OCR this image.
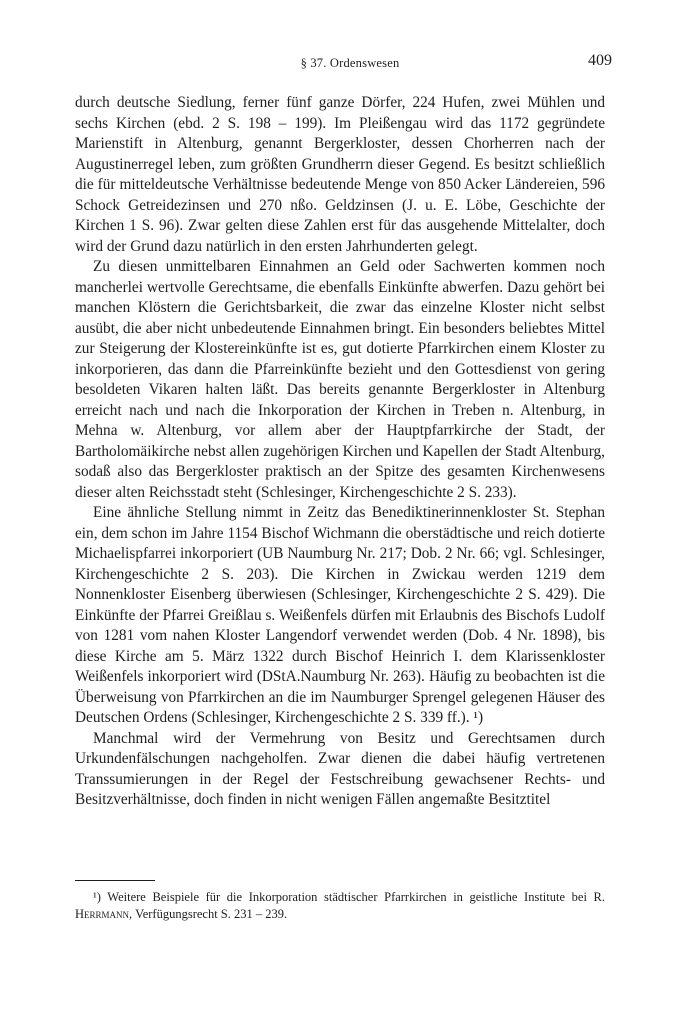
§ 37. Ordenswesen	409

durch deutsche Siedlung, ferner fünf ganze Dörfer, 224 Hufen, zwei Mühlen und sechs Kirchen (ebd. 2 S. 198 – 199). Im Pleißengau wird das 1172 gegründete Marienstift in Altenburg, genannt Bergerkloster, dessen Chorherren nach der Augustinerregel leben, zum größten Grundherrn dieser Gegend. Es besitzt schließlich die für mitteldeutsche Verhältnisse bedeutende Menge von 850 Acker Ländereien, 596 Schock Getreidezinsen und 270 nßo. Geldzinsen (J. u. E. Löbe, Geschichte der Kirchen 1 S. 96). Zwar gelten diese Zahlen erst für das ausgehende Mittelalter, doch wird der Grund dazu natürlich in den ersten Jahrhunderten gelegt.

Zu diesen unmittelbaren Einnahmen an Geld oder Sachwerten kommen noch mancherlei wertvolle Gerechtsame, die ebenfalls Einkünfte abwerfen. Dazu gehört bei manchen Klöstern die Gerichtsbarkeit, die zwar das einzelne Kloster nicht selbst ausübt, die aber nicht unbedeutende Einnahmen bringt. Ein besonders beliebtes Mittel zur Steigerung der Klostereinkünfte ist es, gut dotierte Pfarrkirchen einem Kloster zu inkorporieren, das dann die Pfarreinkünfte bezieht und den Gottesdienst von gering besoldeten Vikaren halten läßt. Das bereits genannte Bergerkloster in Altenburg erreicht nach und nach die Inkorporation der Kirchen in Treben n. Altenburg, in Mehna w. Altenburg, vor allem aber der Hauptpfarrkirche der Stadt, der Bartholomäikirche nebst allen zugehörigen Kirchen und Kapellen der Stadt Altenburg, sodaß also das Bergerkloster praktisch an der Spitze des gesamten Kirchenwesens dieser alten Reichsstadt steht (Schlesinger, Kirchengeschichte 2 S. 233).

Eine ähnliche Stellung nimmt in Zeitz das Benediktinerinnenkloster St. Stephan ein, dem schon im Jahre 1154 Bischof Wichmann die oberstädtische und reich dotierte Michaelispfarrei inkorporiert (UB Naumburg Nr. 217; Dob. 2 Nr. 66; vgl. Schlesinger, Kirchengeschichte 2 S. 203). Die Kirchen in Zwickau werden 1219 dem Nonnenkloster Eisenberg überwiesen (Schlesinger, Kirchengeschichte 2 S. 429). Die Einkünfte der Pfarrei Greißlau s. Weißenfels dürfen mit Erlaubnis des Bischofs Ludolf von 1281 vom nahen Kloster Langendorf verwendet werden (Dob. 4 Nr. 1898), bis diese Kirche am 5. März 1322 durch Bischof Heinrich I. dem Klarissenkloster Weißenfels inkorporiert wird (DStA.Naumburg Nr. 263). Häufig zu beobachten ist die Überweisung von Pfarrkirchen an die im Naumburger Sprengel gelegenen Häuser des Deutschen Ordens (Schlesinger, Kirchengeschichte 2 S. 339 ff.). ¹)

Manchmal wird der Vermehrung von Besitz und Gerechtsamen durch Urkundenfälschungen nachgeholfen. Zwar dienen die dabei häufig vertretenen Transsumierungen in der Regel der Festschreibung gewachsener Rechts- und Besitzverhältnisse, doch finden in nicht wenigen Fällen angemaßte Besitztitel

¹) Weitere Beispiele für die Inkorporation städtischer Pfarrkirchen in geistliche Institute bei R. Herrmann, Verfügungsrecht S. 231 – 239.
